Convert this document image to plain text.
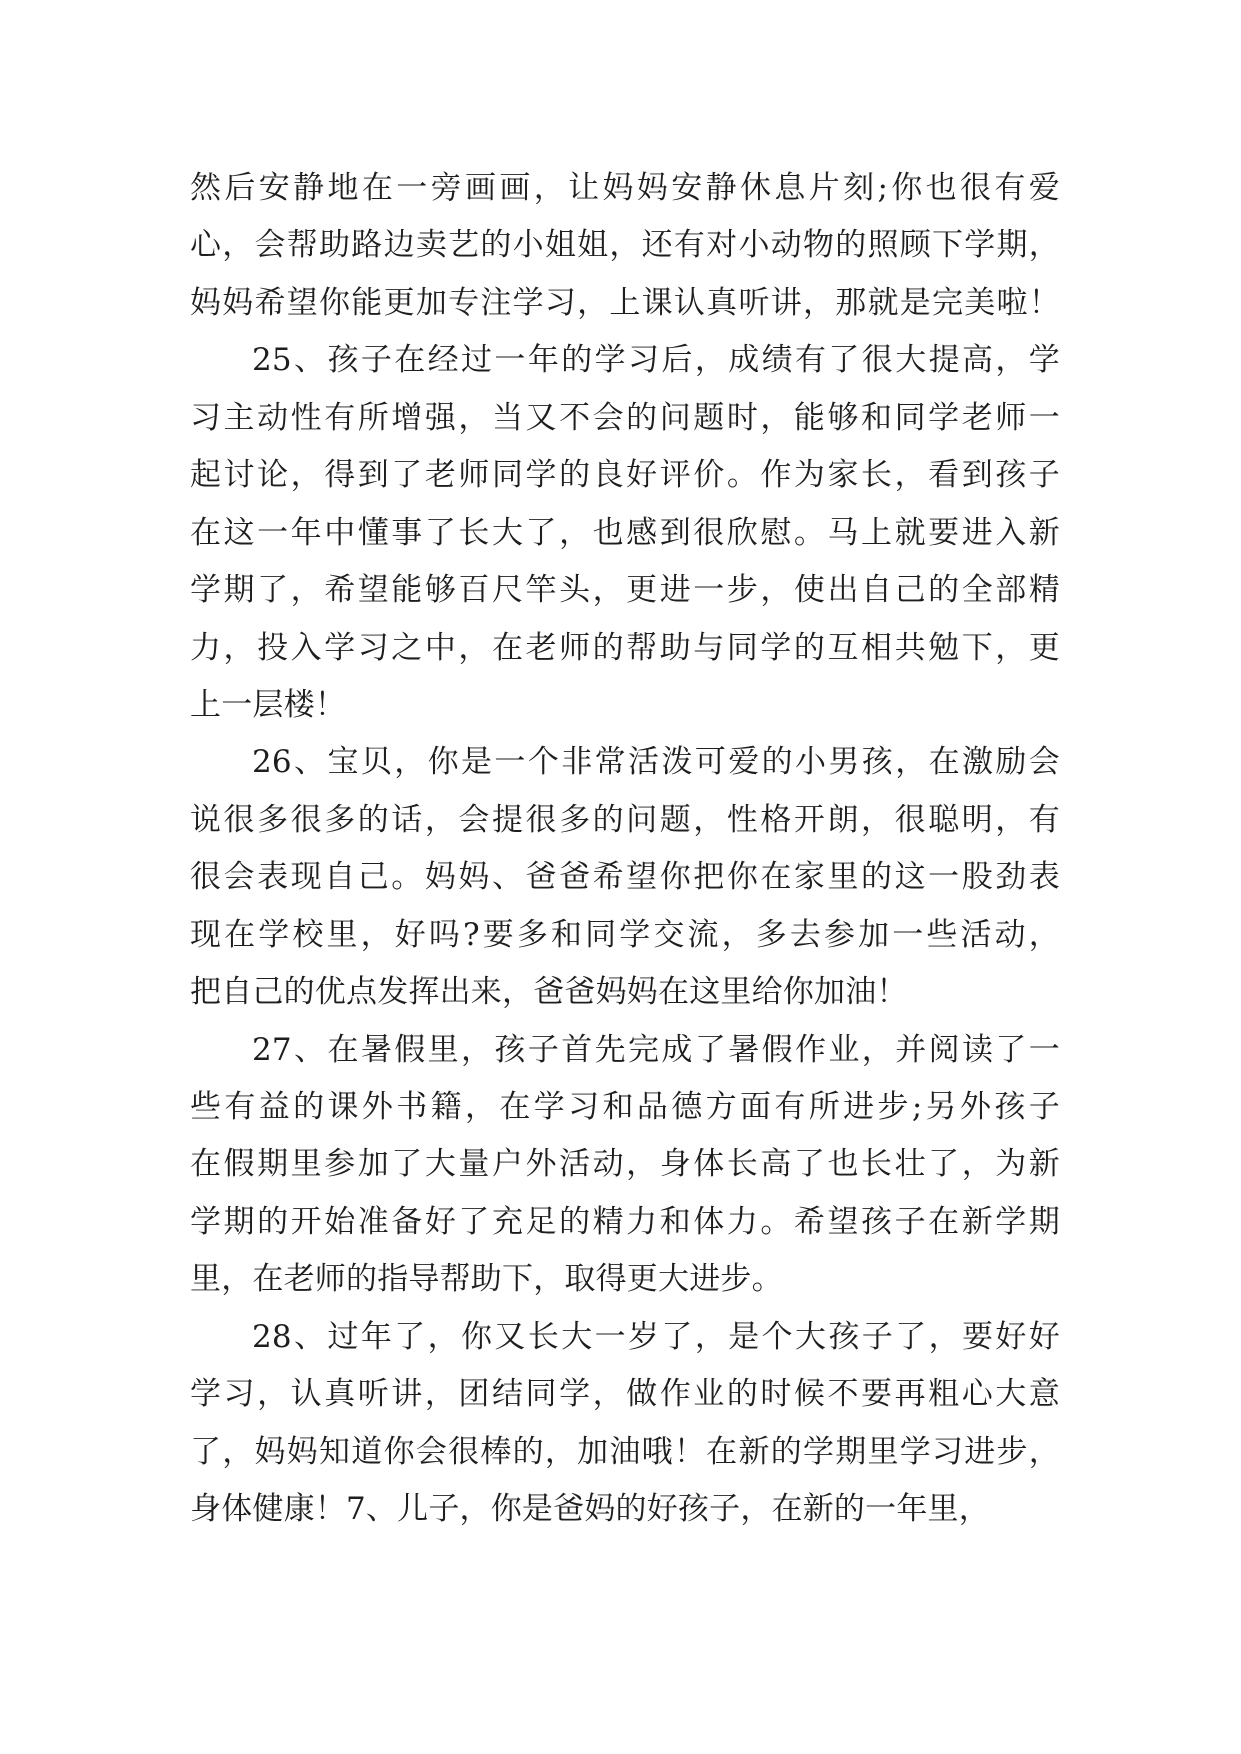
然后安静地在一旁画画，让妈妈安静休息片刻;你也很有爱
心，会帮助路边卖艺的小姐姐，还有对小动物的照顾下学期，
妈妈希望你能更加专注学习，上课认真听讲，那就是完美啦！
25、孩子在经过一年的学习后，成绩有了很大提高，学
习主动性有所增强，当又不会的问题时，能够和同学老师一
起讨论，得到了老师同学的良好评价。作为家长，看到孩子
在这一年中懂事了长大了，也感到很欣慰。马上就要进入新
学期了，希望能够百尺竿头，更进一步，使出自己的全部精
力，投入学习之中，在老师的帮助与同学的互相共勉下，更
上一层楼！
26、宝贝，你是一个非常活泼可爱的小男孩，在激励会
说很多很多的话，会提很多的问题，性格开朗，很聪明，有
很会表现自己。妈妈、爸爸希望你把你在家里的这一股劲表
现在学校里，好吗?要多和同学交流，多去参加一些活动，
把自己的优点发挥出来，爸爸妈妈在这里给你加油！
27、在暑假里，孩子首先完成了暑假作业，并阅读了一
些有益的课外书籍，在学习和品德方面有所进步;另外孩子
在假期里参加了大量户外活动，身体长高了也长壮了，为新
学期的开始准备好了充足的精力和体力。希望孩子在新学期
里，在老师的指导帮助下，取得更大进步。
28、过年了，你又长大一岁了，是个大孩子了，要好好
学习，认真听讲，团结同学，做作业的时候不要再粗心大意
了，妈妈知道你会很棒的，加油哦！在新的学期里学习进步，
身体健康！7、儿子，你是爸妈的好孩子，在新的一年里，
